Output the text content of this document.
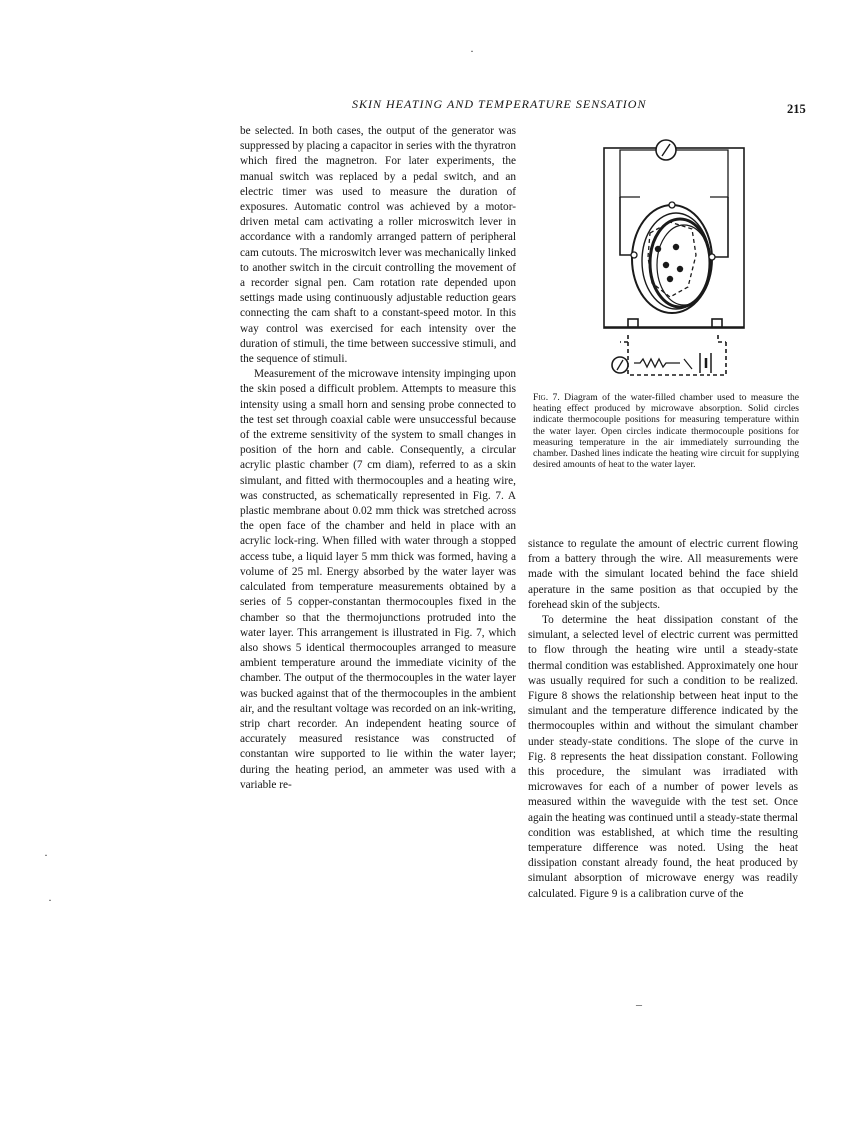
SKIN HEATING AND TEMPERATURE SENSATION	215

be selected. In both cases, the output of the generator was suppressed by placing a capacitor in series with the thyratron which fired the magnetron. For later experiments, the manual switch was replaced by a pedal switch, and an electric timer was used to measure the duration of exposures. Automatic control was achieved by a motor-driven metal cam activating a roller microswitch lever in accordance with a randomly arranged pattern of peripheral cam cutouts. The microswitch lever was mechanically linked to another switch in the circuit controlling the movement of a recorder signal pen. Cam rotation rate depended upon settings made using continuously adjustable reduction gears connecting the cam shaft to a constant-speed motor. In this way control was exercised for each intensity over the duration of stimuli, the time between successive stimuli, and the sequence of stimuli.

Measurement of the microwave intensity impinging upon the skin posed a difficult problem. Attempts to measure this intensity using a small horn and sensing probe connected to the test set through coaxial cable were unsuccessful because of the extreme sensitivity of the system to small changes in position of the horn and cable. Consequently, a circular acrylic plastic chamber (7 cm diam), referred to as a skin simulant, and fitted with thermocouples and a heating wire, was constructed, as schematically represented in Fig. 7. A plastic membrane about 0.02 mm thick was stretched across the open face of the chamber and held in place with an acrylic lock-ring. When filled with water through a stopped access tube, a liquid layer 5 mm thick was formed, having a volume of 25 ml. Energy absorbed by the water layer was calculated from temperature measurements obtained by a series of 5 copper-constantan thermocouples fixed in the chamber so that the thermojunctions protruded into the water layer. This arrangement is illustrated in Fig. 7, which also shows 5 identical thermocouples arranged to measure ambient temperature around the immediate vicinity of the chamber. The output of the thermocouples in the water layer was bucked against that of the thermocouples in the ambient air, and the resultant voltage was recorded on an ink-writing, strip chart recorder. An independent heating source of accurately measured resistance was constructed of constantan wire supported to lie within the water layer; during the heating period, an ammeter was used with a variable re-

Fig. 7. Diagram of the water-filled chamber used to measure the heating effect produced by microwave absorption. Solid circles indicate thermocouple positions for measuring temperature within the water layer. Open circles indicate thermocouple positions for measuring temperature in the air immediately surrounding the chamber. Dashed lines indicate the heating wire circuit for supplying desired amounts of heat to the water layer.

sistance to regulate the amount of electric current flowing from a battery through the wire. All measurements were made with the simulant located behind the face shield aperature in the same position as that occupied by the forehead skin of the subjects.

To determine the heat dissipation constant of the simulant, a selected level of electric current was permitted to flow through the heating wire until a steady-state thermal condition was established. Approximately one hour was usually required for such a condition to be realized. Figure 8 shows the relationship between heat input to the simulant and the temperature difference indicated by the thermocouples within and without the simulant chamber under steady-state conditions. The slope of the curve in Fig. 8 represents the heat dissipation constant. Following this procedure, the simulant was irradiated with microwaves for each of a number of power levels as measured within the waveguide with the test set. Once again the heating was continued until a steady-state thermal condition was established, at which time the resulting temperature difference was noted. Using the heat dissipation constant already found, the heat produced by simulant absorption of microwave energy was readily calculated. Figure 9 is a calibration curve of the

·
·
·
–
